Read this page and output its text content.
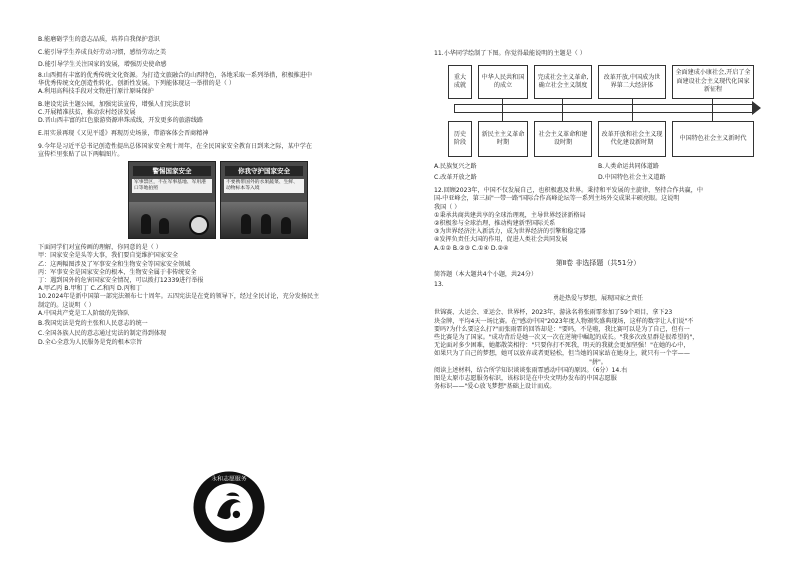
B.能磨砺学生的意志品质，培养自我保护意识

C.能引导学生养成良好劳动习惯，感悟劳动之美

D.能引导学生关注国家的发展，增强历史使命感

8.山西拥有丰富的优秀传统文化资源。为打造文旅融合的山西特色，各地采取一系列举措，积极推进中

华优秀传统文化创造性转化、创新性发展。下列能体现这一举措的是（ ）

A.利用高科技手段对文物进行原汁原味保护

B.建设宪法主题公园，加强宪法宣传，增强人们宪法意识

C.开展精准扶贫，推动农村经济发展

D.晋山西丰富的红色旅游资源串珠成线，开发更多的旅游线路

E.用实景再现《又见平遥》再现历史场景，带游客体会晋商精神

9.今年是习近平总书记创造性提出总体国家安全观十周年，在全民国家安全教育日到来之际，某中学在

宣传栏里张贴了以下两幅图片。

警惕国家安全
军事禁区，不在军事基地、军用港口等地拍照
你我守护国家安全
不要携带国外的水果蔬菜、生鲜、动物标本等入境

下面同学们对宣传画的理解，你同意的是（ ）

甲：国家安全是头等大事，我们要自觉维护国家安全

乙：这两幅图涉及了军事安全和生物安全等国家安全领域

丙：军事安全是国家安全的根本，生物安全属于非传统安全

丁：遇到国外的危害国家安全情况，可以拨打12339进行举报

A.甲乙丙 B.甲和丁 C.乙和丙 D.丙和丁

10.2024年是新中国第一部宪法颁布七十周年。五四宪法是在党的领导下，经过全民讨论，充分发扬民主

制定的。这说明（ ）

A.中国共产党是工人阶级的先锋队

B.我国宪法是党的主张和人民意志的统一

C.全国各族人民的意志通过宪法的制定得到体现

D.全心全意为人民服务是党的根本宗旨

永和志愿服务

11.小华同学绘制了下图。你觉得最能说明的主题是（ ）

重大成就
中华人民共和国的成立
完成社会主义革命,确立社会主义制度
改革开放,中国成为世界第二大经济体
全面建成小康社会,开启了全面建设社会主义现代化国家新征程
历史阶段
新民主主义革命时期
社会主义革命和建设时期
改革开放和社会主义现代化建设新时期
中国特色社会主义新时代
A.民族复兴之路	B.人类命运共同体道路
C.改革开放之路	D.中国特色社会主义道路

12.回顾2023年，中国不仅发展自己，也积极惠及世界。秉持和平发展的主旋律，坚持合作共赢，中

国-中亚峰会，第三届"一带一路"国际合作高峰论坛等一系列主场外交成果丰硕亮眼。这说明

我国（ ）

①秉承共商共建共享的全球治理观，主导世界经济新格局

②积极参与全球治理，推动构建新型国际关系

③为世界经济注入新活力，成为世界经济的引擎和稳定器

④发挥负责任大国的作用，促进人类社会共同发展

A.①② B.②③ C.①④ D.②④

第Ⅱ卷 非选择题（共51分）

简答题（本大题共4个小题，共24分）

13.

勇赴热爱与梦想，展现国家之责任

世锦赛、大运会、亚运会、世界杯，2023年，游泳名将张雨霏参加了59个项目，拿下23

块金牌，平均4天一场比赛。在"感动中国"2023年度人物颁奖盛典现场，这样的数字让人们说"不

要吗?为什么要这么打?"而张雨霏的回答却是："要吗，不是啦，我比赛可以是为了自己，但有一

些比赛是为了国家。"成功背后是她一次又一次在逆境中崛起的成长。"我多次改星群是很希望的"，

无论面对多少困难，她都散笑相待："只要你打不死我，明天的我就会更加坚强！"在她的心中，

如果只为了自己的梦想，她可以放弃或者更轻松，但当她的国家站在她身上，就只有一个字——

"拼"。

阅读上述材料，结合所学知识谈谈张雨霏感动中国的原因。（6分）14.右

图是太原市志愿服务标识，该标识是在中央文明办发布的中国志愿服

务标识——"爱心放飞梦想"基础上设计而成。
